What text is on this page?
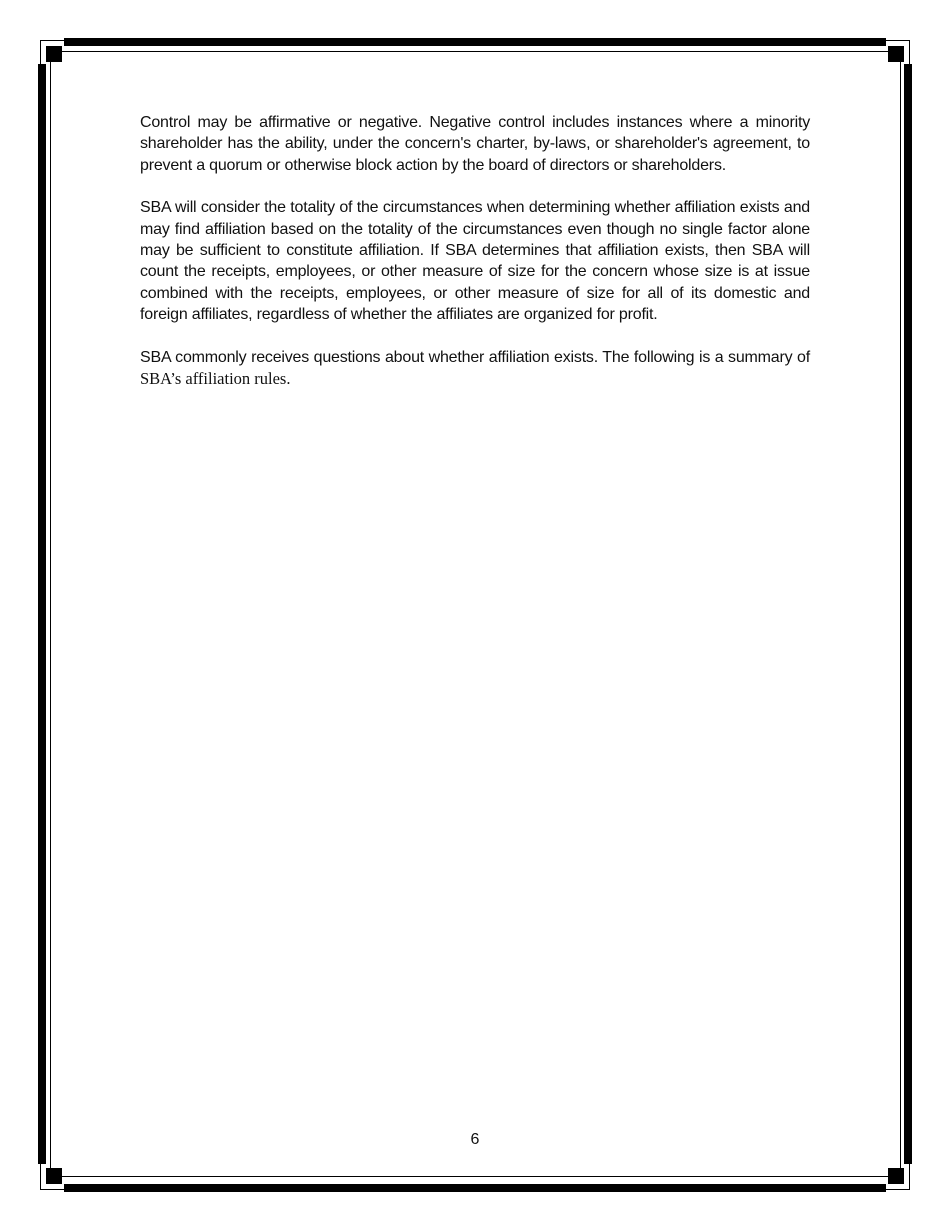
Control may be affirmative or negative. Negative control includes instances where a minority shareholder has the ability, under the concern's charter, by-laws, or shareholder's agreement, to prevent a quorum or otherwise block action by the board of directors or shareholders.

SBA will consider the totality of the circumstances when determining whether affiliation exists and may find affiliation based on the totality of the circumstances even though no single factor alone may be sufficient to constitute affiliation. If SBA determines that affiliation exists, then SBA will count the receipts, employees, or other measure of size for the concern whose size is at issue combined with the receipts, employees, or other measure of size for all of its domestic and foreign affiliates, regardless of whether the affiliates are organized for profit.

SBA commonly receives questions about whether affiliation exists. The following is a summary of SBA’s affiliation rules.

6
